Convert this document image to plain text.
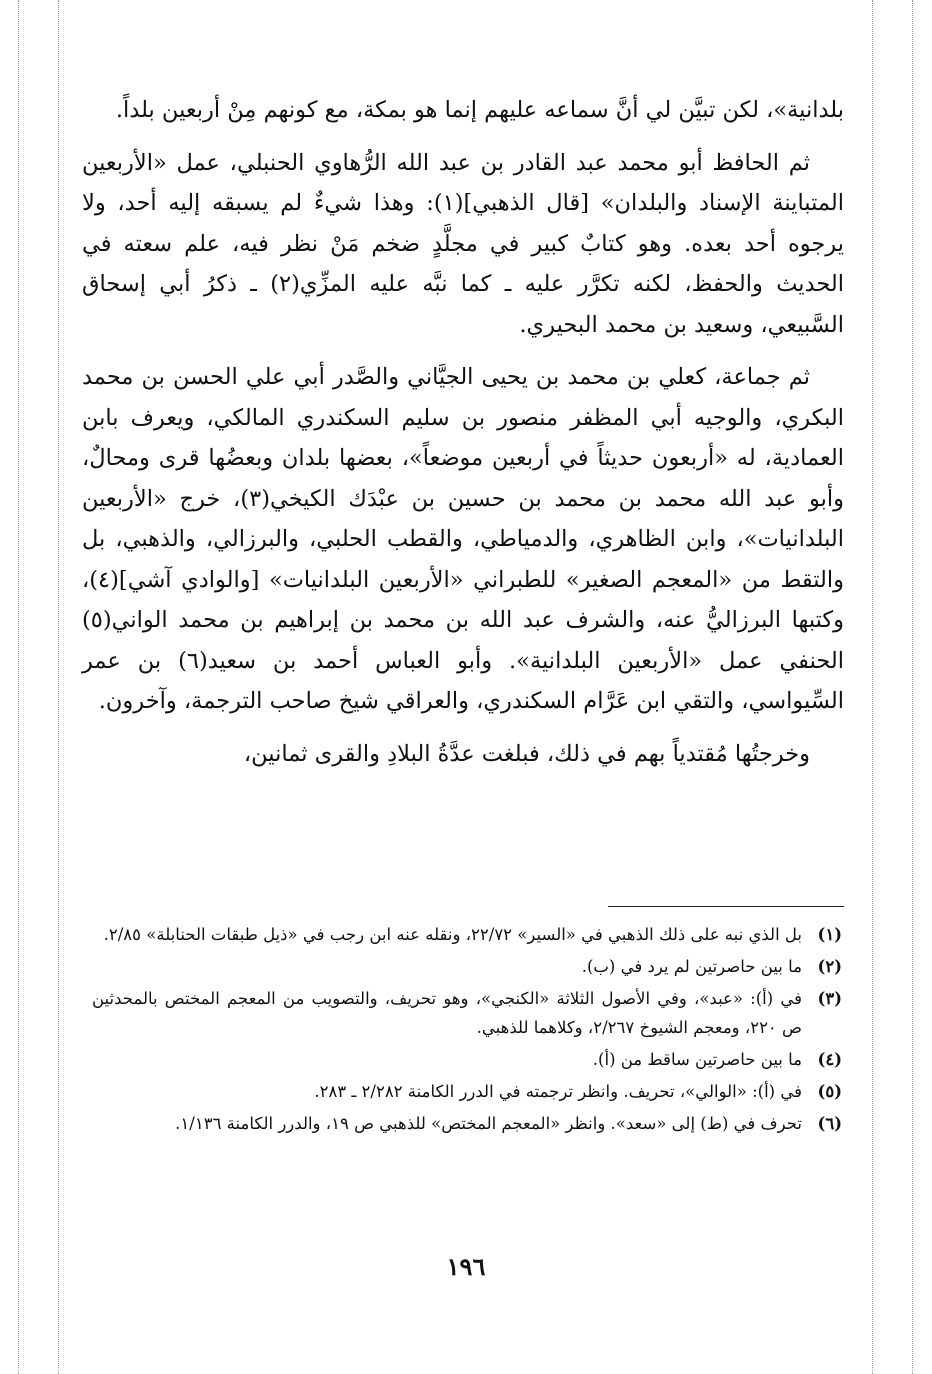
بلدانية»، لكن تبيَّن لي أنَّ سماعه عليهم إنما هو بمكة، مع كونهم مِنْ أربعين بلداً.

ثم الحافظ أبو محمد عبد القادر بن عبد الله الرُّهاوي الحنبلي، عمل «الأربعين المتباينة الإسناد والبلدان» [قال الذهبي](١): وهذا شيءٌ لم يسبقه إليه أحد، ولا يرجوه أحد بعده. وهو كتابٌ كبير في مجلَّدٍ ضخم مَنْ نظر فيه، علم سعته في الحديث والحفظ، لكنه تكرَّر عليه ـ كما نبَّه عليه المزِّي(٢) ـ ذكرُ أبي إسحاق السَّبيعي، وسعيد بن محمد البحيري.

ثم جماعة، كعلي بن محمد بن يحيى الجيَّاني والصَّدر أبي علي الحسن بن محمد البكري، والوجيه أبي المظفر منصور بن سليم السكندري المالكي، ويعرف بابن العمادية، له «أربعون حديثاً في أربعين موضعاً»، بعضها بلدان وبعضُها قرى ومحالٌ، وأبو عبد الله محمد بن محمد بن حسين بن عبْدَك الكيخي(٣)، خرج «الأربعين البلدانيات»، وابن الظاهري، والدمياطي، والقطب الحلبي، والبرزالي، والذهبي، بل والتقط من «المعجم الصغير» للطبراني «الأربعين البلدانيات» [والوادي آشي](٤)، وكتبها البرزاليُّ عنه، والشرف عبد الله بن محمد بن إبراهيم بن محمد الواني(٥) الحنفي عمل «الأربعين البلدانية». وأبو العباس أحمد بن سعيد(٦) بن عمر السِّيواسي، والتقي ابن عَرَّام السكندري، والعراقي شيخ صاحب الترجمة، وآخرون.

وخرجتُها مُقتدياً بهم في ذلك، فبلغت عدَّةُ البلادِ والقرى ثمانين،

(١)
بل الذي نبه على ذلك الذهبي في «السير» ٢٢/٧٢، ونقله عنه ابن رجب في «ذيل طبقات الحنابلة» ٢/٨٥.
(٢)
ما بين حاصرتين لم يرد في (ب).
(٣)
في (أ): «عبد»، وفي الأصول الثلاثة «الكنجي»، وهو تحريف، والتصويب من المعجم المختص بالمحدثين ص ٢٢٠، ومعجم الشيوخ ٢/٢٦٧، وكلاهما للذهبي.
(٤)
ما بين حاصرتين ساقط من (أ).
(٥)
في (أ): «الوالي»، تحريف. وانظر ترجمته في الدرر الكامنة ٢/٢٨٢ ـ ٢٨٣.
(٦)
تحرف في (ط) إلى «سعد». وانظر «المعجم المختص» للذهبي ص ١٩، والدرر الكامنة ١/١٣٦.
١٩٦
